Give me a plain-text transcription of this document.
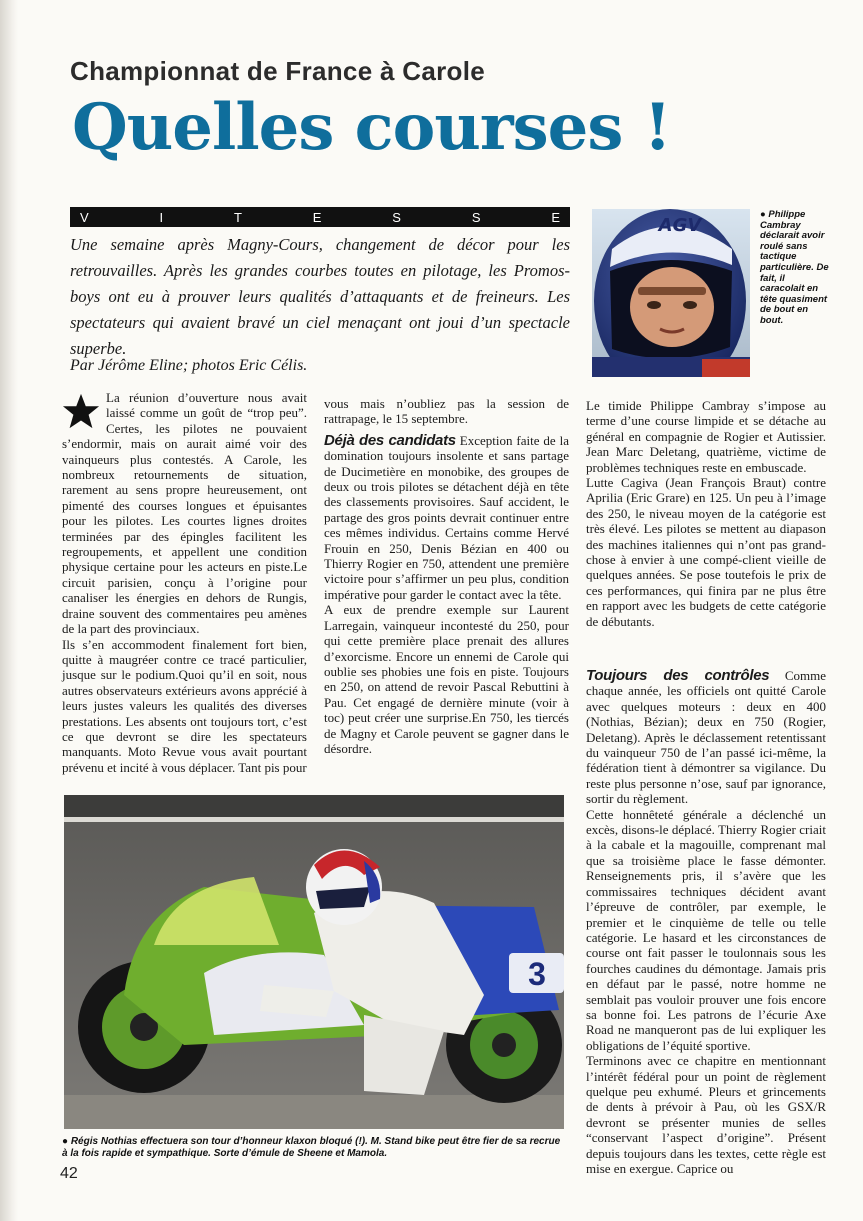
Championnat de France à Carole
Quelles courses !
V	I	T	E	S	S	E
Une semaine après Magny-Cours, changement de décor pour les retrouvailles. Après les grandes courbes toutes en pilotage, les Promos-boys ont eu à prouver leurs qualités d’attaquants et de freineurs. Les spectateurs qui avaient bravé un ciel menaçant ont joui d’un spectacle superbe.
Par Jérôme Eline; photos Eric Célis.

La réunion d’ouverture nous avait laissé comme un goût de “trop peu”. Certes, les pilotes ne pouvaient s’endormir, mais on aurait aimé voir des vainqueurs plus contestés. A Carole, les nombreux retournements de situation, rarement au sens propre heureusement, ont pimenté des courses longues et épuisantes pour les pilotes. Les courtes lignes droites terminées par des épingles facilitent les regroupements, et appellent une condition physique certaine pour les acteurs en piste.Le circuit parisien, conçu à l’origine pour canaliser les énergies en dehors de Rungis, draine souvent des commentaires peu amènes de la part des provinciaux.

Ils s’en accommodent finalement fort bien, quitte à maugréer contre ce tracé particulier, jusque sur le podium.Quoi qu’il en soit, nous autres observateurs extérieurs avons apprécié à leurs justes valeurs les qualités des diverses prestations. Les absents ont toujours tort, c’est ce que devront se dire les spectateurs manquants. Moto Revue vous avait pourtant prévenu et incité à vous déplacer. Tant pis pour

vous mais n’oubliez pas la session de rattrapage, le 15 septembre.

Déjà des candidats Exception faite de la domination toujours insolente et sans partage de Ducimetière en monobike, des groupes de deux ou trois pilotes se détachent déjà en tête des classements provisoires. Sauf accident, le partage des gros points devrait continuer entre ces mêmes individus. Certains comme Hervé Frouin en 250, Denis Bézian en 400 ou Thierry Rogier en 750, attendent une première victoire pour s’affirmer un peu plus, condition impérative pour garder le contact avec la tête.

A eux de prendre exemple sur Laurent Larregain, vainqueur incontesté du 250, pour qui cette première place prenait des allures d’exorcisme. Encore un ennemi de Carole qui oublie ses phobies une fois en piste. Toujours en 250, on attend de revoir Pascal Rebuttini à Pau. Cet engagé de dernière minute (voir à toc) peut créer une surprise.En 750, les tiercés de Magny et Carole peuvent se gagner dans le désordre.

AGV
● Philippe Cambray déclarait avoir roulé sans tactique particulière. De fait, il caracolait en tête quasiment de bout en bout.

Le timide Philippe Cambray s’impose au terme d’une course limpide et se détache au général en compagnie de Rogier et Autissier. Jean Marc Deletang, quatrième, victime de problèmes techniques reste en embuscade.

Lutte Cagiva (Jean François Braut) contre Aprilia (Eric Grare) en 125. Un peu à l’image des 250, le niveau moyen de la catégorie est très élevé. Les pilotes se mettent au diapason des machines italiennes qui n’ont pas grand-chose à envier à une compé-client vieille de quelques années. Se pose toutefois le prix de ces performances, qui finira par ne plus être en rapport avec les budgets de cette catégorie de débutants.

Toujours des contrôles Comme chaque année, les officiels ont quitté Carole avec quelques moteurs : deux en 400 (Nothias, Bézian); deux en 750 (Rogier, Deletang). Après le déclassement retentissant du vainqueur 750 de l’an passé ici-même, la fédération tient à démontrer sa vigilance. Du reste plus personne n’ose, sauf par ignorance, sortir du règlement.

Cette honnêteté générale a déclenché un excès, disons-le déplacé. Thierry Rogier criait à la cabale et la magouille, comprenant mal que sa troisième place le fasse démonter. Renseignements pris, il s’avère que les commissaires techniques décident avant l’épreuve de contrôler, par exemple, le premier et le cinquième de telle ou telle catégorie. Le hasard et les circonstances de course ont fait passer le toulonnais sous les fourches caudines du démontage. Jamais pris en défaut par le passé, notre homme ne semblait pas vouloir prouver une fois encore sa bonne foi. Les patrons de l’écurie Axe Road ne manqueront pas de lui expliquer les obligations de l’équité sportive.

Terminons avec ce chapitre en mentionnant l’intérêt fédéral pour un point de règlement quelque peu exhumé. Pleurs et grincements de dents à prévoir à Pau, où les GSX/R devront se présenter munies de selles “conservant l’aspect d’origine”. Présent depuis toujours dans les textes, cette règle est mise en exergue. Caprice ou

3
● Régis Nothias effectuera son tour d’honneur klaxon bloqué (!). M. Stand bike peut être fier de sa recrue à la fois rapide et sympathique. Sorte d’émule de Sheene et Mamola.
42
